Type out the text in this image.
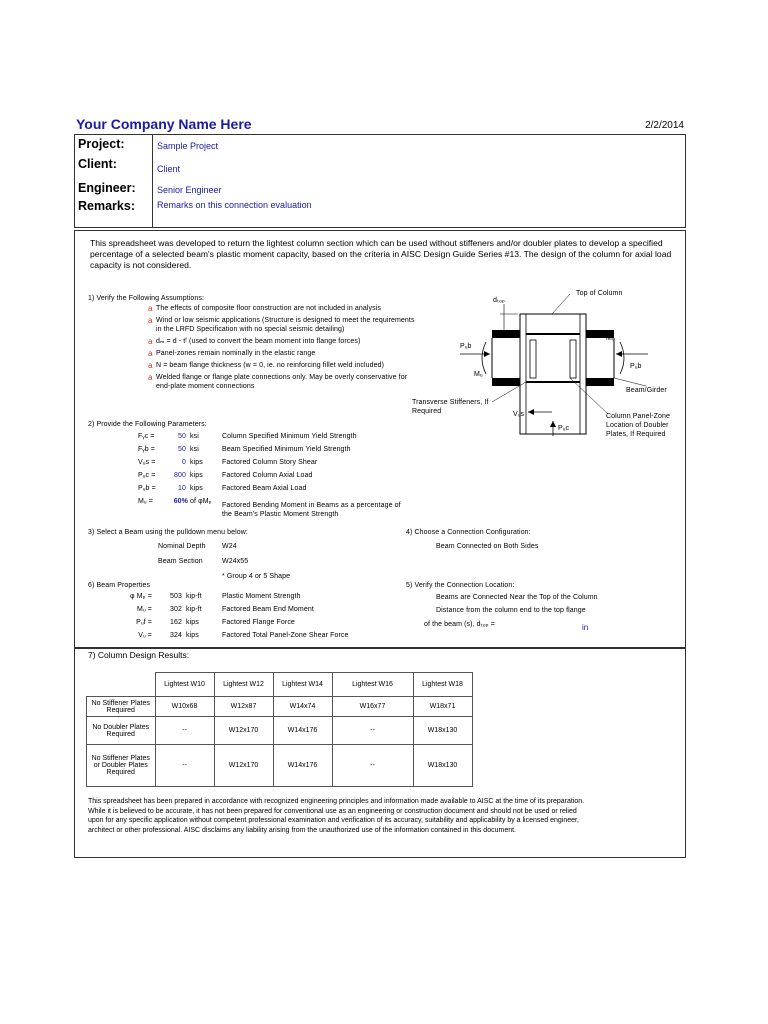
Your Company Name Here	2/2/2014
Project:	Sample Project
Client:	Client
Engineer: Senior Engineer
Remarks: Remarks on this connection evaluation
This spreadsheet was developed to return the lightest column section which can be used without stiffeners and/or doubler plates to develop a specified percentage of a selected beam's plastic moment capacity, based on the criteria in AISC Design Guide Series #13. The design of the column for axial load capacity is not considered.
1) Verify the Following Assumptions:
a The effects of composite floor construction are not included in analysis
a Wind or low seismic applications (Structure is designed to meet the requirements in the LRFD Specification with no special seismic detailing)
a dₘ = d - tᶠ (used to convert the beam moment into flange forces)
a Panel-zones remain nominally in the elastic range
a N = beam flange thickness (w = 0, ie. no reinforcing fillet weld included)
a Welded flange or flange plate connections only. May be overly conservative for end-plate moment connections
dₜₒₚ
Top of Column
Mᵤ
Pᵤb
Mᵤ
Pᵤb
Beam/Girder
Transverse Stiffeners, If Required	Vᵤs
Pᵤc
Column Panel-Zone Location of Doubler Plates, If Required
2) Provide the Following Parameters:
Fᵧc =	50 ksi	Column Specified Minimum Yield Strength
Fᵧb =	50 ksi	Beam Specified Minimum Yield Strength
Vᵤs =	0 kips	Factored Column Story Shear
Pᵤc =	800 kips	Factored Column Axial Load
Pᵤb =	10 kips	Factored Beam Axial Load
Mᵤ =	60% of φMₚ
Factored Bending Moment in Beams as a percentage of the Beam's Plastic Moment Strength
3) Select a Beam using the pulldown menu below:
Nominal Depth W24
Beam Section	W24x55
* Group 4 or 5 Shape
4) Choose a Connection Configuration:
Beam Connected on Both Sides
6) Beam Properties
φ Mₚ =	503 kip-ft	Plastic Moment Strength
Mᵤ =	302 kip-ft	Factored Beam End Moment
Pᵤf =	162 kips	Factored Flange Force
Vᵤ =	324 kips	Factored Total Panel-Zone Shear Force
5) Verify the Connection Location:
Beams are Connected Near the Top of the Column
Distance from the column end to the top flange
of the beam (s), dₜₒₚ =	in
7) Column Design Results:
	Lightest W10	Lightest W12	Lightest W14	Lightest W16	Lightest W18
No Stiffener Plates Required	W10x68	W12x87	W14x74	W16x77	W18x71
No Doubler Plates Required	--	W12x170	W14x176	--	W18x130
No Stiffener Plates or Doubler Plates Required	--	W12x170	W14x176	--	W18x130
This spreadsheet has been prepared in accordance with recognized engineering principles and information made available to AISC at the time of its preparation. While it is believed to be accurate, it has not been prepared for conventional use as an engineering or construction document and should not be used or relied upon for any specific application without competent professional examination and verification of its accuracy, suitability and applicability by a licensed engineer, architect or other professional. AISC disclaims any liability arising from the unauthorized use of the information contained in this document.
